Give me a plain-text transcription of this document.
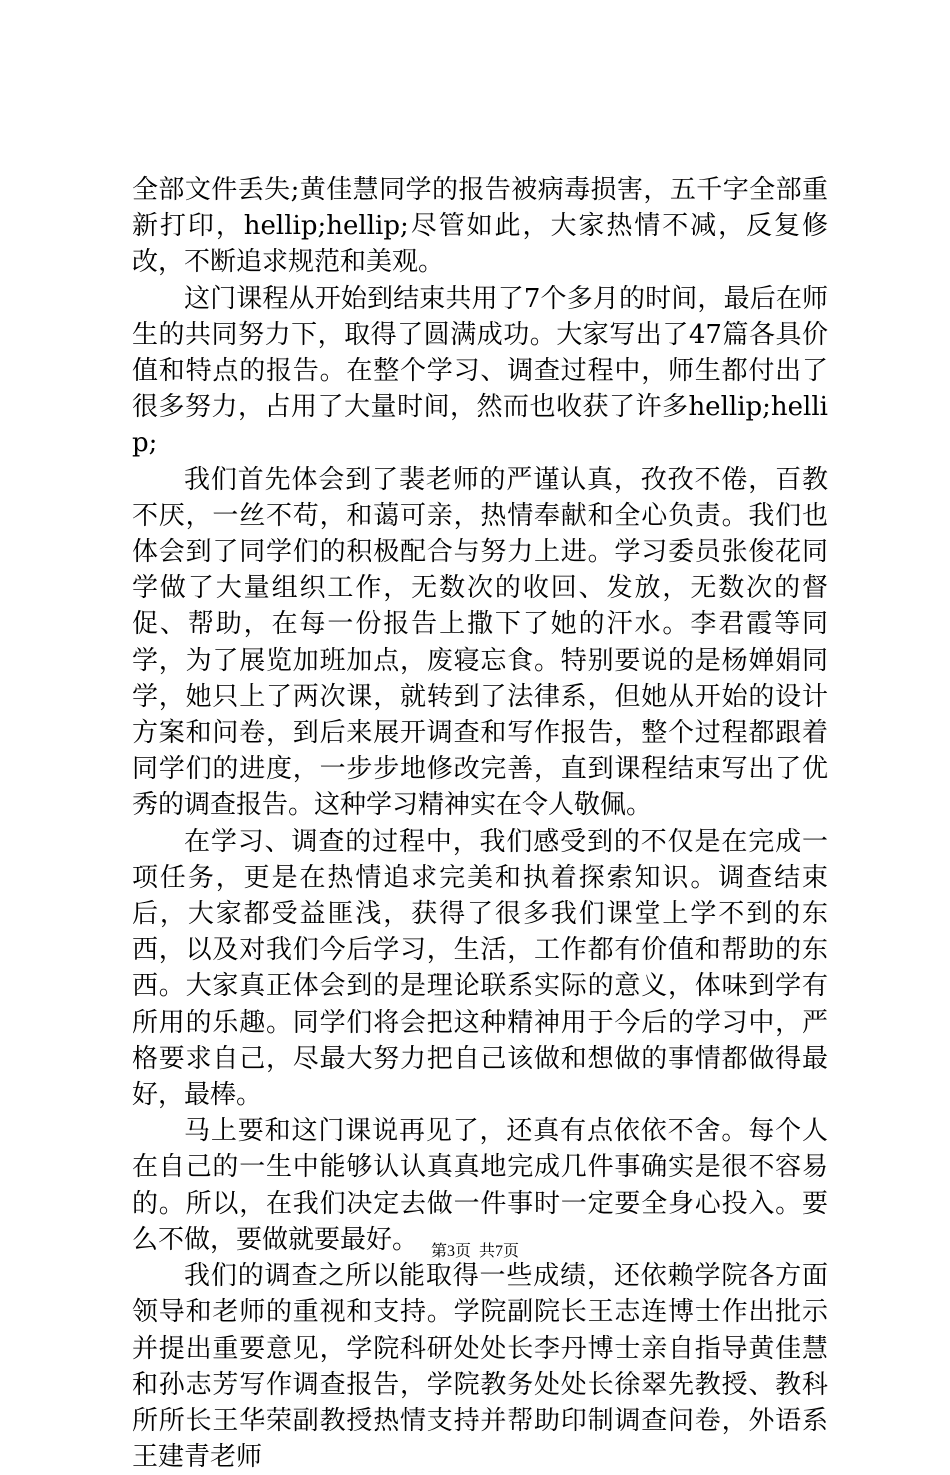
全部文件丢失;黄佳慧同学的报告被病毒损害，五千字全部重新打印，hellip;hellip;尽管如此，大家热情不减，反复修改，不断追求规范和美观。

这门课程从开始到结束共用了7个多月的时间，最后在师生的共同努力下，取得了圆满成功。大家写出了47篇各具价值和特点的报告。在整个学习、调查过程中，师生都付出了很多努力，占用了大量时间，然而也收获了许多hellip;hellip;

我们首先体会到了裴老师的严谨认真，孜孜不倦，百教不厌，一丝不苟，和蔼可亲，热情奉献和全心负责。我们也体会到了同学们的积极配合与努力上进。学习委员张俊花同学做了大量组织工作，无数次的收回、发放，无数次的督促、帮助，在每一份报告上撒下了她的汗水。李君霞等同学，为了展览加班加点，废寝忘食。特别要说的是杨婵娟同学，她只上了两次课，就转到了法律系，但她从开始的设计方案和问卷，到后来展开调查和写作报告，整个过程都跟着同学们的进度，一步步地修改完善，直到课程结束写出了优秀的调查报告。这种学习精神实在令人敬佩。

在学习、调查的过程中，我们感受到的不仅是在完成一项任务，更是在热情追求完美和执着探索知识。调查结束后，大家都受益匪浅，获得了很多我们课堂上学不到的东西，以及对我们今后学习，生活，工作都有价值和帮助的东西。大家真正体会到的是理论联系实际的意义，体味到学有所用的乐趣。同学们将会把这种精神用于今后的学习中，严格要求自己，尽最大努力把自己该做和想做的事情都做得最好，最棒。

马上要和这门课说再见了，还真有点依依不舍。每个人在自己的一生中能够认认真真地完成几件事确实是很不容易的。所以，在我们决定去做一件事时一定要全身心投入。要么不做，要做就要最好。

我们的调查之所以能取得一些成绩，还依赖学院各方面领导和老师的重视和支持。学院副院长王志连博士作出批示并提出重要意见，学院科研处处长李丹博士亲自指导黄佳慧和孙志芳写作调查报告，学院教务处处长徐翠先教授、教科所所长王华荣副教授热情支持并帮助印制调查问卷，外语系王建青老师

第3页  共7页
